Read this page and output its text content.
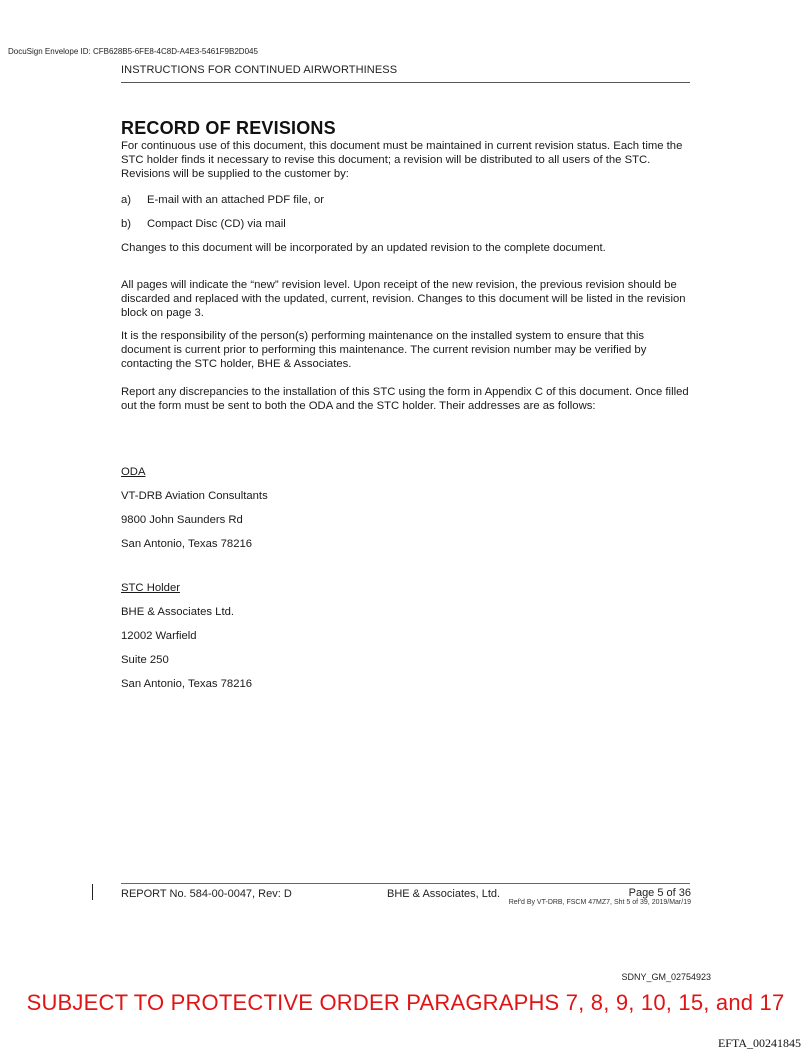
DocuSign Envelope ID: CFB628B5-6FE8-4C8D-A4E3-5461F9B2D045
INSTRUCTIONS FOR CONTINUED AIRWORTHINESS
RECORD OF REVISIONS
For continuous use of this document, this document must be maintained in current revision status. Each time the STC holder finds it necessary to revise this document; a revision will be distributed to all users of the STC. Revisions will be supplied to the customer by:
a) E-mail with an attached PDF file, or
b) Compact Disc (CD) via mail
Changes to this document will be incorporated by an updated revision to the complete document.
All pages will indicate the “new” revision level. Upon receipt of the new revision, the previous revision should be discarded and replaced with the updated, current, revision. Changes to this document will be listed in the revision block on page 3.
It is the responsibility of the person(s) performing maintenance on the installed system to ensure that this document is current prior to performing this maintenance. The current revision number may be verified by contacting the STC holder, BHE & Associates.
Report any discrepancies to the installation of this STC using the form in Appendix C of this document. Once filled out the form must be sent to both the ODA and the STC holder. Their addresses are as follows:
ODA
VT-DRB Aviation Consultants
9800 John Saunders Rd
San Antonio, Texas 78216
STC Holder
BHE & Associates Ltd.
12002 Warfield
Suite 250
San Antonio, Texas 78216
REPORT No. 584-00-0047, Rev: D	BHE & Associates, Ltd.	Page 5 of 36
Ref'd By VT-DRB, FSCM 47MZ7, Sht 5 of 39, 2019/Mar/19
SDNY_GM_02754923
SUBJECT TO PROTECTIVE ORDER PARAGRAPHS 7, 8, 9, 10, 15, and 17
EFTA_00241845
